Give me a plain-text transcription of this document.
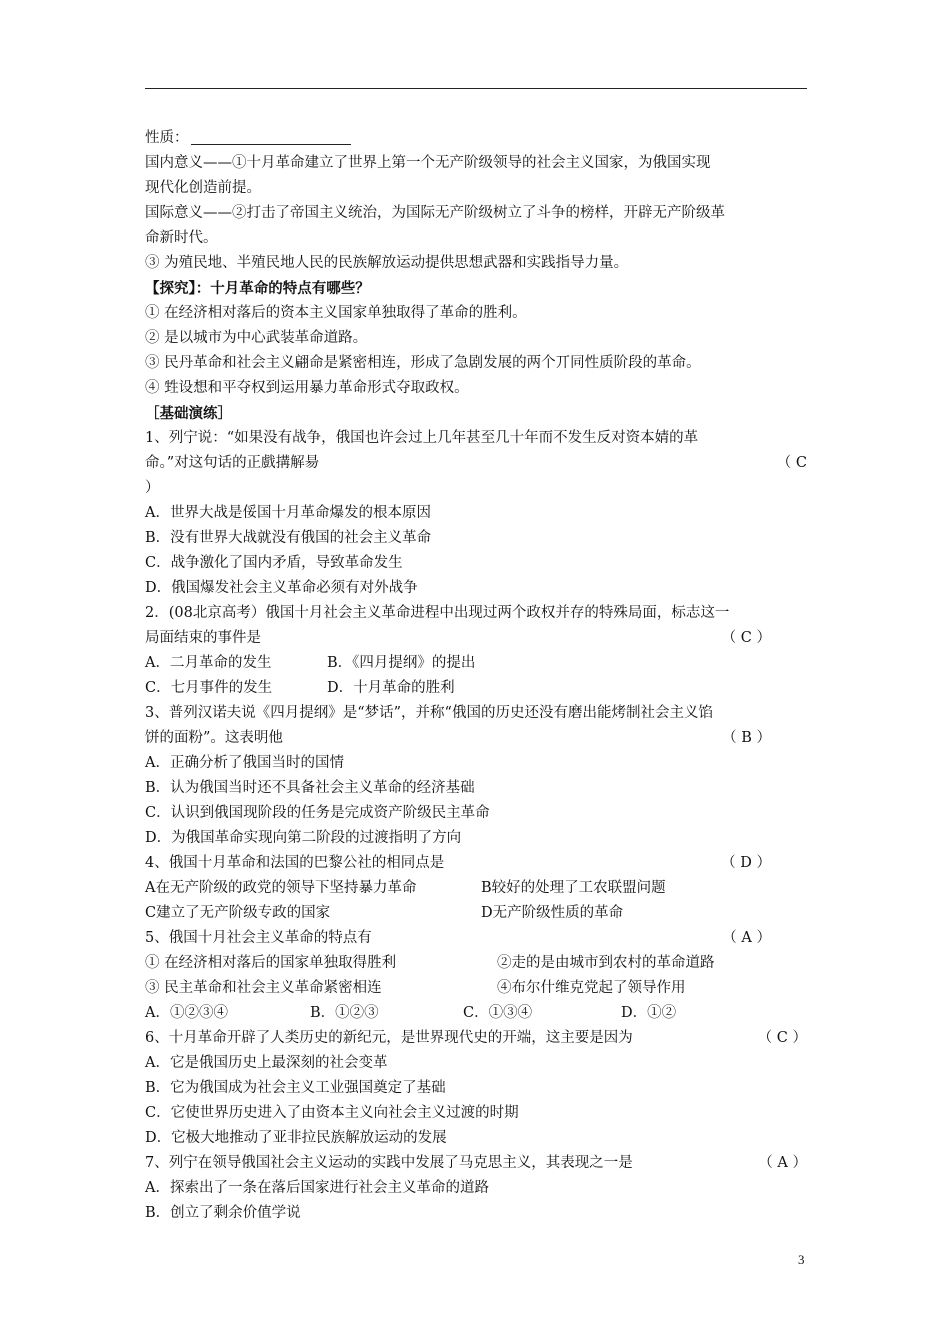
性质：
国内意义——①十月革命建立了世界上第一个无产阶级领导的社会主义国家，为俄国实现
现代化创造前提。
国际意义——②打击了帝国主义统治，为国际无产阶级树立了斗争的榜样，开辟无产阶级革
命新时代。
③ 为殖民地、半殖民地人民的民族解放运动提供思想武器和实践指导力量。
【探究】：十月革命的特点有哪些？
① 在经济相对落后的资本主义国家单独取得了革命的胜利。
② 是以城市为中心武装革命道路。
③ 民丹革命和社会主义翩命是紧密相连，形成了急剧发展的两个丌同性质阶段的革命。
④ 甡设想和平夺权到运用暴力革命形式夺取政权。
［基础演练］
1、列宁说：“如果没有战争，俄国也许会过上几年甚至几十年而不发生反对资本婧的革
命。”对这句话的正戲搆解昜	（ C
）
A．世界大战是俀国十月革命爆发的根本原因
B．没有世界大战就没有俄国的社会主义革命
C．战争激化了国内矛盾，导致革命发生
D．俄国爆发社会主义革命必须有对外战争
2．(08北京高考）俄国十月社会主义革命进程中出现过两个政权并存的特殊局面，标志这一
局面结束的事件是	（ C ）
A．二月革命的发生	B．《四月提纲》的提出
C．七月事件的发生	D．十月革命的胜利
3、普列汉诺夫说《四月提纲》是“梦话”，并称“俄国的历史还没有磨出能烤制社会主义馅
饼的面粉”。这表明他	（ B ）
A．正确分析了俄国当时的国情
B．认为俄国当时还不具备社会主义革命的经济基础
C．认识到俄国现阶段的任务是完成资产阶级民主革命
D．为俄国革命实现向第二阶段的过渡指明了方向
4、俄国十月革命和法国的巴黎公社的相同点是	（ D ）
A在无产阶级的政党的领导下坚持暴力革命	B较好的处理了工农联盟问题
C建立了无产阶级专政的国家	D无产阶级性质的革命
5、俄国十月社会主义革命的特点有	（ A ）
① 在经济相对落后的国家单独取得胜利	②走的是由城市到农村的革命道路
③ 民主革命和社会主义革命紧密相连	④布尔什维克党起了领导作用
A．①②③④	B．①②③	C．①③④	D．①②
6、十月革命开辟了人类历史的新纪元，是世界现代史的开端，这主要是因为	（ C ）
A．它是俄国历史上最深刻的社会变革
B．它为俄国成为社会主义工业强国奠定了基础
C．它使世界历史进入了由资本主义向社会主义过渡的时期
D．它极大地推动了亚非拉民族解放运动的发展
7、列宁在领导俄国社会主义运动的实践中发展了马克思主义，其表现之一是	（ A ）
A．探索出了一条在落后国家进行社会主义革命的道路
B．创立了剩余价值学说
3
